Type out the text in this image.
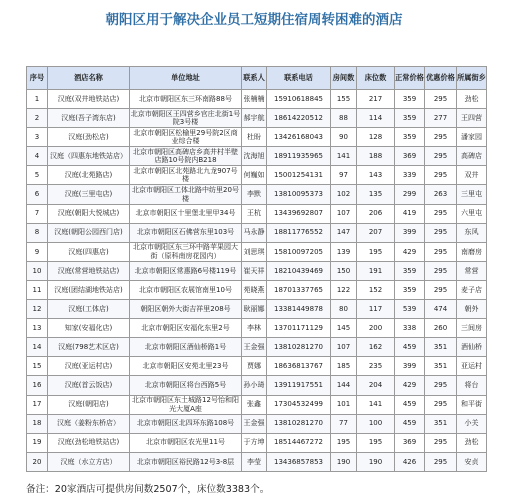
朝阳区用于解决企业员工短期住宿周转困难的酒店
序号	酒店名称	单位地址	联系人	联系电话	房间数	床位数	正常价格	优惠价格	所属街乡
1	汉庭(双井地铁站店)	北京市朝阳区东三环南路88号	张楠楠	15910618845	155	217	359	295	劲松
2	汉庭(吾子湾东店)	北京市朝阳区王四营乡官庄北街1号院3号楼	郝宇航	18614220512	88	114	359	277	王四营
3	汉庭(劲松店)	北京市朝阳区松榆里29号院2区商业综合楼	杜盼	13426168043	90	128	359	295	潘家园
4	汉庭（四惠东地铁站店）	北京市朝阳区高碑店乡高井村半壁店路10号院内B218	沈海旭	18911935965	141	188	369	295	高碑店
5	汉庭(北苑路店)	北京市朝阳区北苑路北九龙907号楼	何巍如	15001254131	97	143	339	295	双井
6	汉庭(三里屯店)	北京市朝阳区工体北路中纺里20号楼	李默	13810095373	102	135	299	263	三里屯
7	汉庭(朝阳大悦城店)	北京市朝阳区十里堡北里甲34号	王杭	13439692807	107	206	419	295	六里屯
8	汉庭(朝阳公园西门店)	北京市朝阳区石佛营东里103号	马永静	18811776552	147	207	399	295	东风
9	汉庭(四惠店)	北京市朝阳区东三环中路苹果园大街（原科南房花园内）	刘思琪	15810097205	139	195	429	295	南磨房
10	汉庭(常营地铁站店)	北京市朝阳区常惠路6号楼119号	崔天祥	18210439469	150	191	359	295	常营
11	汉庭(团结湖地铁站店)	北京市朝阳区农展馆南里10号	苑晓燕	18701337765	122	152	359	295	麦子店
12	汉庭(工体店)	朝阳区朝外大街吉祥里208号	耿丽娜	13381449878	80	117	539	474	朝外
13	知家(安福化店)	北京市朝阳区安福化东里2号	李林	13701171129	145	200	338	260	三间房
14	汉庭(798艺术区店)	北京市朝阳区酒仙桥路1号	王金强	13810281270	107	162	459	351	酒仙桥
15	汉庭(亚运村店)	北京市朝阳区安苑北里23号	贾娜	18636813767	185	235	399	351	亚运村
16	汉庭(首云饭店)	北京市朝阳区将台西路5号	孙小琦	13911917551	144	204	429	295	将台
17	汉庭(朝阳店)	北京市朝阳区东土城路12号怡和阳光大厦A座	张鑫	17304532499	101	141	459	295	和平街
18	汉庭（姜粉东桥店）	北京市朝阳区北四环东路108号	王金强	13810281270	77	100	459	351	小关
19	汉庭(劲松地铁站店)	北京市朝阳区农光里11号	于方坤	18514467272	195	195	369	295	劲松
20	汉庭（水立方店）	北京市朝阳区裕民路12号3-8层	李莹	13436857853	190	190	426	295	安贞
备注：20家酒店可提供房间数2507个，床位数3383个。
